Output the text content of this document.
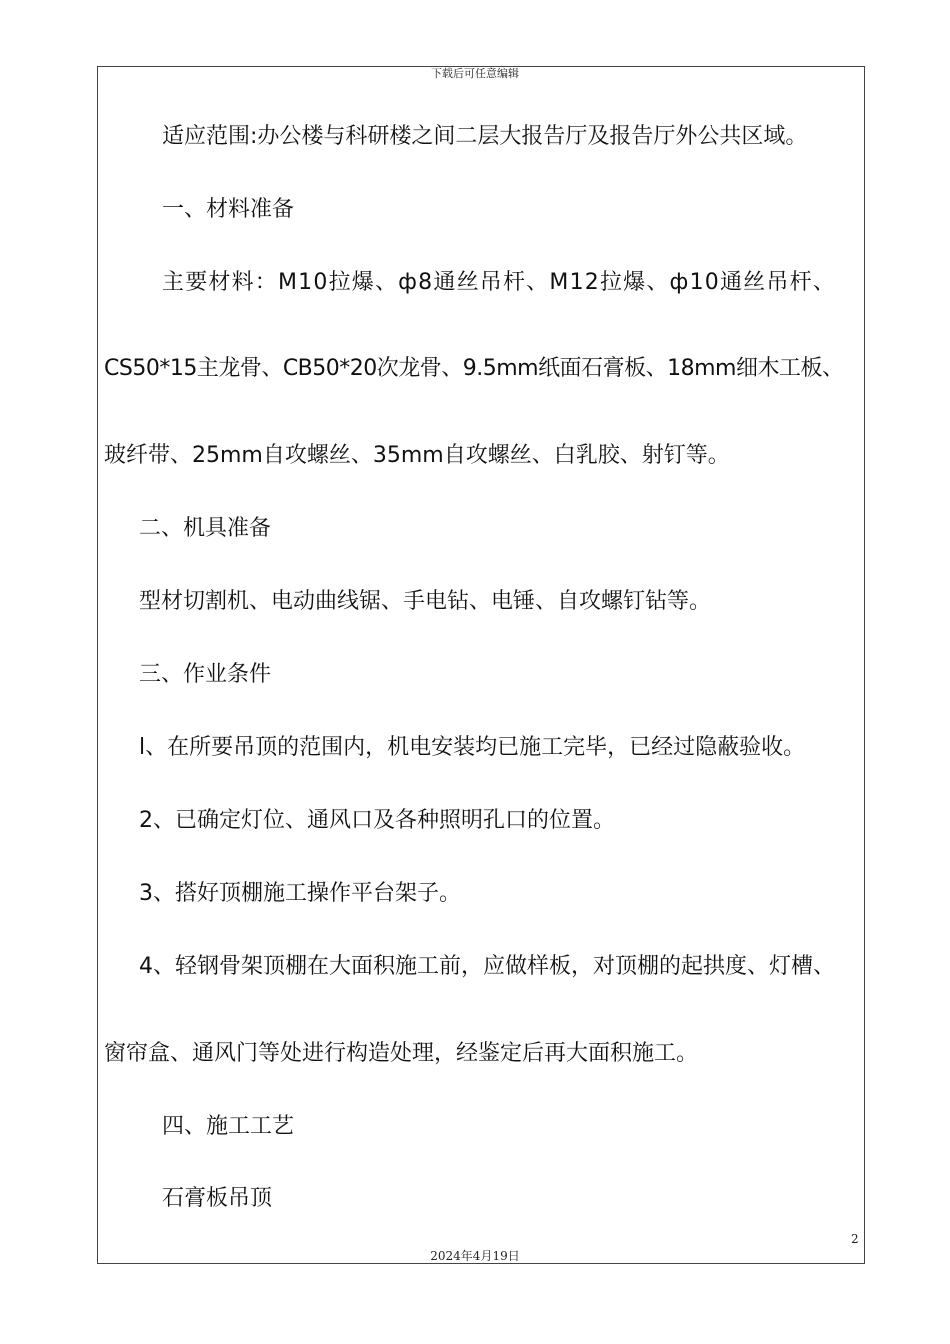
下载后可任意编辑
适应范围:办公楼与科研楼之间二层大报告厅及报告厅外公共区域。
一、材料准备
主要材料：M10拉爆、ф8通丝吊杆、M12拉爆、ф10通丝吊杆、
CS50*15主龙骨、CB50*20次龙骨、9.5mm纸面石膏板、18mm细木工板、
玻纤带、25mm自攻螺丝、35mm自攻螺丝、白乳胶、射钉等。
二、机具准备
型材切割机、电动曲线锯、手电钻、电锤、自攻螺钉钻等。
三、作业条件
l、在所要吊顶的范围内，机电安装均已施工完毕，已经过隐蔽验收。
2、已确定灯位、通风口及各种照明孔口的位置。
3、搭好顶棚施工操作平台架子。
4、轻钢骨架顶棚在大面积施工前，应做样板，对顶棚的起拱度、灯槽、
窗帘盒、通风门等处进行构造处理，经鉴定后再大面积施工。
四、施工工艺
石膏板吊顶
2
2024年4月19日
